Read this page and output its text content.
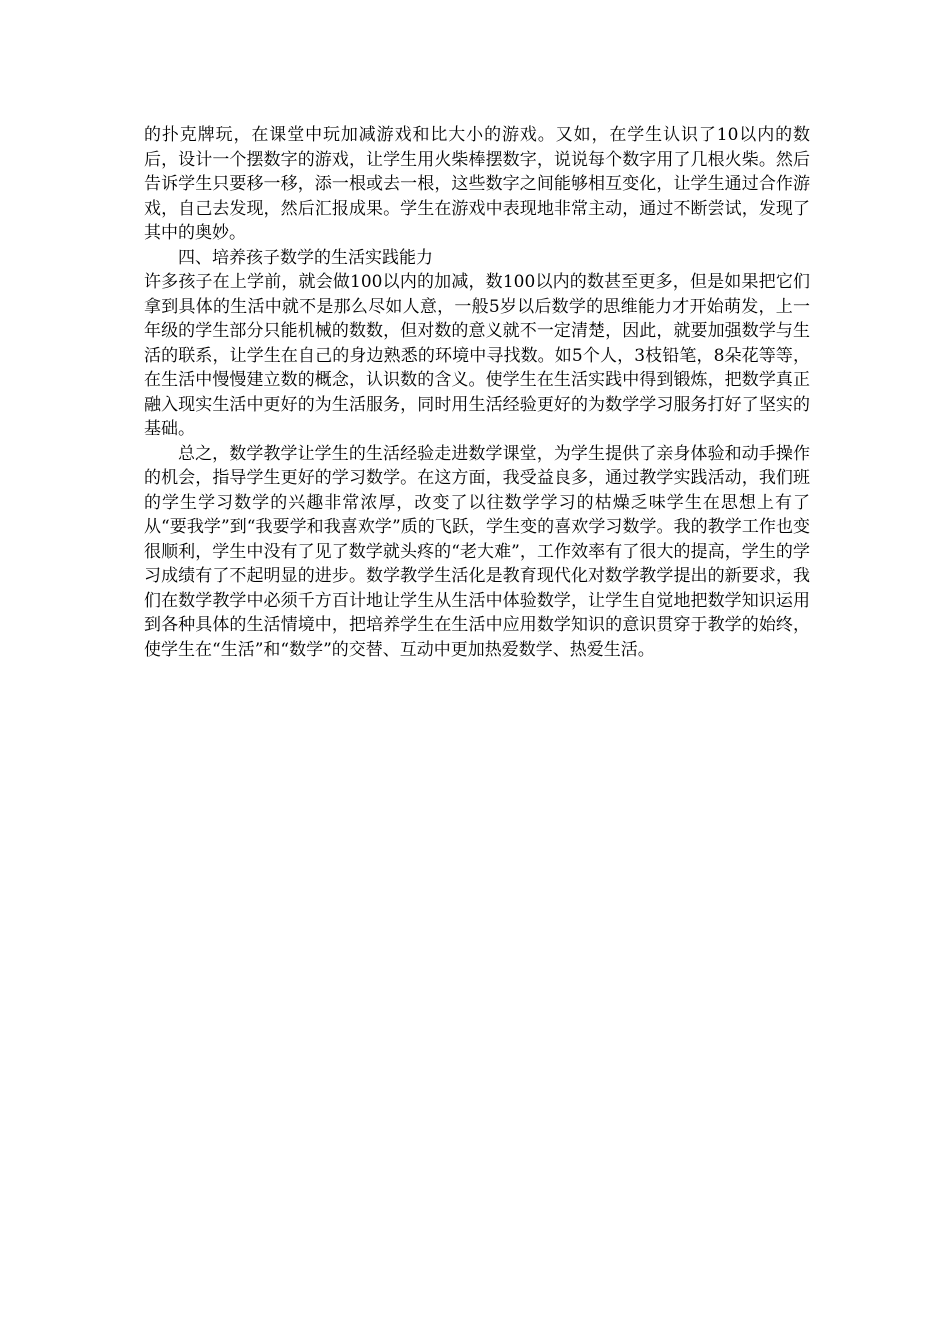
的扑克牌玩，在课堂中玩加减游戏和比大小的游戏。又如，在学生认识了10以内的数后，设计一个摆数字的游戏，让学生用火柴棒摆数字，说说每个数字用了几根火柴。然后告诉学生只要移一移，添一根或去一根，这些数字之间能够相互变化，让学生通过合作游戏，自己去发现，然后汇报成果。学生在游戏中表现地非常主动，通过不断尝试，发现了其中的奥妙。

四、培养孩子数学的生活实践能力

许多孩子在上学前，就会做100以内的加减，数100以内的数甚至更多，但是如果把它们拿到具体的生活中就不是那么尽如人意，一般5岁以后数学的思维能力才开始萌发，上一年级的学生部分只能机械的数数，但对数的意义就不一定清楚，因此，就要加强数学与生活的联系，让学生在自己的身边熟悉的环境中寻找数。如5个人，3枝铅笔，8朵花等等，在生活中慢慢建立数的概念，认识数的含义。使学生在生活实践中得到锻炼，把数学真正融入现实生活中更好的为生活服务，同时用生活经验更好的为数学学习服务打好了坚实的基础。

总之，数学教学让学生的生活经验走进数学课堂，为学生提供了亲身体验和动手操作的机会，指导学生更好的学习数学。在这方面，我受益良多，通过教学实践活动，我们班的学生学习数学的兴趣非常浓厚，改变了以往数学学习的枯燥乏味学生在思想上有了从“要我学”到“我要学和我喜欢学”质的飞跃，学生变的喜欢学习数学。我的教学工作也变很顺利，学生中没有了见了数学就头疼的“老大难”，工作效率有了很大的提高，学生的学习成绩有了不起明显的进步。数学教学生活化是教育现代化对数学教学提出的新要求，我们在数学教学中必须千方百计地让学生从生活中体验数学，让学生自觉地把数学知识运用到各种具体的生活情境中，把培养学生在生活中应用数学知识的意识贯穿于教学的始终，使学生在“生活”和“数学”的交替、互动中更加热爱数学、热爱生活。
